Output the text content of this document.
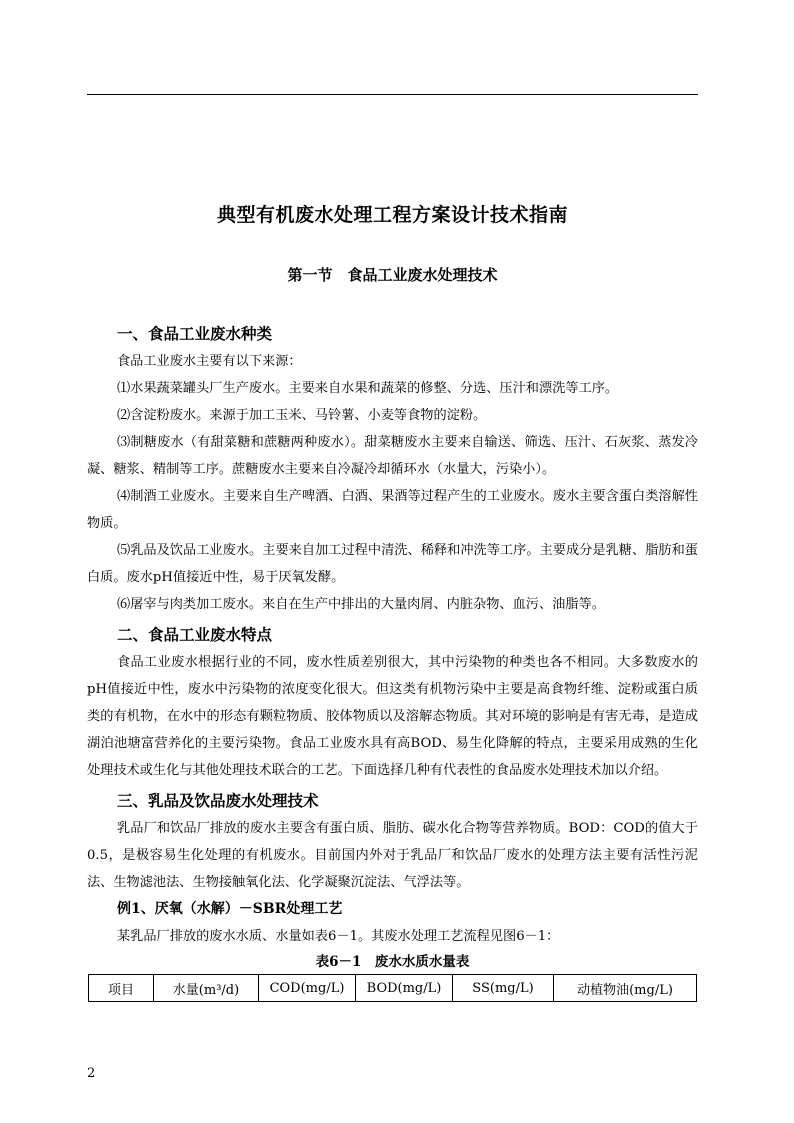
典型有机废水处理工程方案设计技术指南
第一节　食品工业废水处理技术
一、食品工业废水种类

食品工业废水主要有以下来源：

⑴水果蔬菜罐头厂生产废水。主要来自水果和蔬菜的修整、分选、压汁和漂洗等工序。

⑵含淀粉废水。来源于加工玉米、马铃薯、小麦等食物的淀粉。

⑶制糖废水（有甜菜糖和蔗糖两种废水）。甜菜糖废水主要来自输送、筛选、压汁、石灰浆、蒸发冷凝、糖浆、精制等工序。蔗糖废水主要来自冷凝冷却循环水（水量大，污染小）。

⑷制酒工业废水。主要来自生产啤酒、白酒、果酒等过程产生的工业废水。废水主要含蛋白类溶解性物质。

⑸乳品及饮品工业废水。主要来自加工过程中清洗、稀释和冲洗等工序。主要成分是乳糖、脂肪和蛋白质。废水pH值接近中性，易于厌氧发酵。

⑹屠宰与肉类加工废水。来自在生产中排出的大量肉屑、内脏杂物、血污、油脂等。

二、食品工业废水特点

食品工业废水根据行业的不同，废水性质差别很大，其中污染物的种类也各不相同。大多数废水的pH值接近中性，废水中污染物的浓度变化很大。但这类有机物污染中主要是高食物纤维、淀粉或蛋白质类的有机物，在水中的形态有颗粒物质、胶体物质以及溶解态物质。其对环境的影响是有害无毒，是造成湖泊池塘富营养化的主要污染物。食品工业废水具有高BOD、易生化降解的特点，主要采用成熟的生化处理技术或生化与其他处理技术联合的工艺。下面选择几种有代表性的食品废水处理技术加以介绍。

三、乳品及饮品废水处理技术

乳品厂和饮品厂排放的废水主要含有蛋白质、脂肪、碳水化合物等营养物质。BOD：COD的值大于0.5，是极容易生化处理的有机废水。目前国内外对于乳品厂和饮品厂废水的处理方法主要有活性污泥法、生物滤池法、生物接触氧化法、化学凝聚沉淀法、气浮法等。

例1、厌氧（水解）－SBR处理工艺

某乳品厂排放的废水水质、水量如表6－1。其废水处理工艺流程见图6－1：

表6－1　废水水质水量表
项目	水量(m³/d)	COD(mg/L)	BOD(mg/L)	SS(mg/L)	动植物油(mg/L)
2
